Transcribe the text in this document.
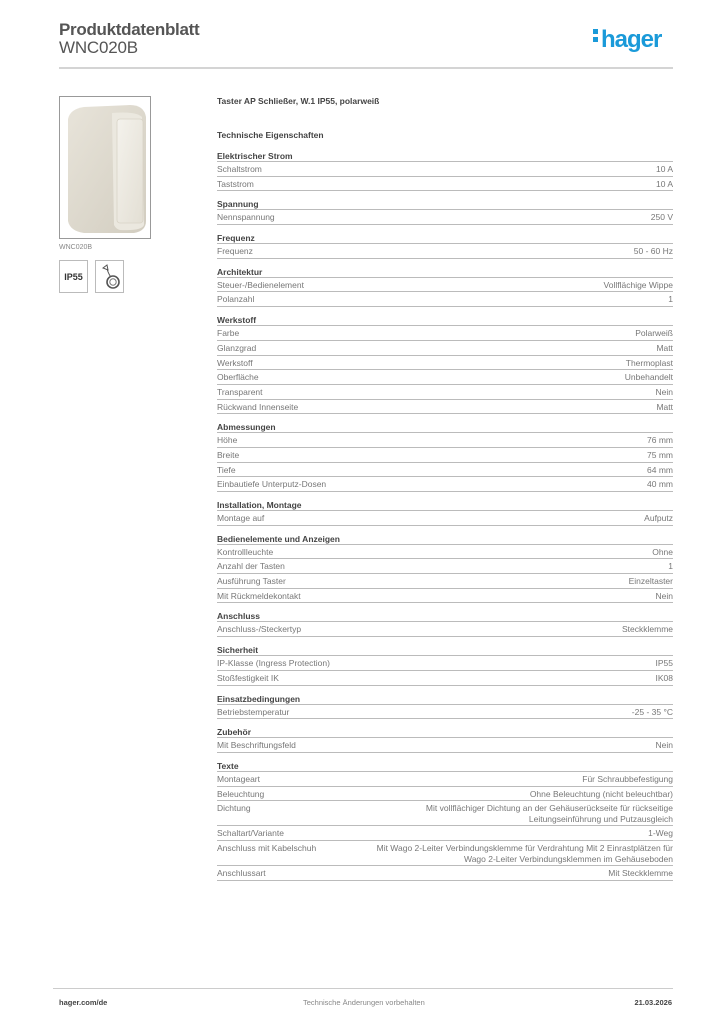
Produktdatenblatt
WNC020B	hager
WNC020B
IP55
Taster AP Schließer, W.1 IP55, polarweiß
Technische Eigenschaften
Elektrischer Strom
Schaltstrom	10 A
Taststrom	10 A
Spannung
Nennspannung	250 V
Frequenz
Frequenz	50 - 60 Hz
Architektur
Steuer-/Bedienelement	Vollflächige Wippe
Polanzahl	1
Werkstoff
Farbe	Polarweiß
Glanzgrad	Matt
Werkstoff	Thermoplast
Oberfläche	Unbehandelt
Transparent	Nein
Rückwand Innenseite	Matt
Abmessungen
Höhe	76 mm
Breite	75 mm
Tiefe	64 mm
Einbautiefe Unterputz-Dosen	40 mm
Installation, Montage
Montage auf	Aufputz
Bedienelemente und Anzeigen
Kontrollleuchte	Ohne
Anzahl der Tasten	1
Ausführung Taster	Einzeltaster
Mit Rückmeldekontakt	Nein
Anschluss
Anschluss-/Steckertyp	Steckklemme
Sicherheit
IP-Klasse (Ingress Protection)	IP55
Stoßfestigkeit IK	IK08
Einsatzbedingungen
Betriebstemperatur	-25 - 35 °C
Zubehör
Mit Beschriftungsfeld	Nein
Texte
Montageart	Für Schraubbefestigung
Beleuchtung	Ohne Beleuchtung (nicht beleuchtbar)
Dichtung	Mit vollflächiger Dichtung an der Gehäuserückseite für rückseitige Leitungseinführung und Putzausgleich
Schaltart/Variante	1-Weg
Anschluss mit Kabelschuh	Mit Wago 2-Leiter Verbindungsklemme für Verdrahtung Mit 2 Einrastplätzen für Wago 2-Leiter Verbindungsklemmen im Gehäuseboden
Anschlussart	Mit Steckklemme
hager.com/de	Technische Änderungen vorbehalten	21.03.2026
